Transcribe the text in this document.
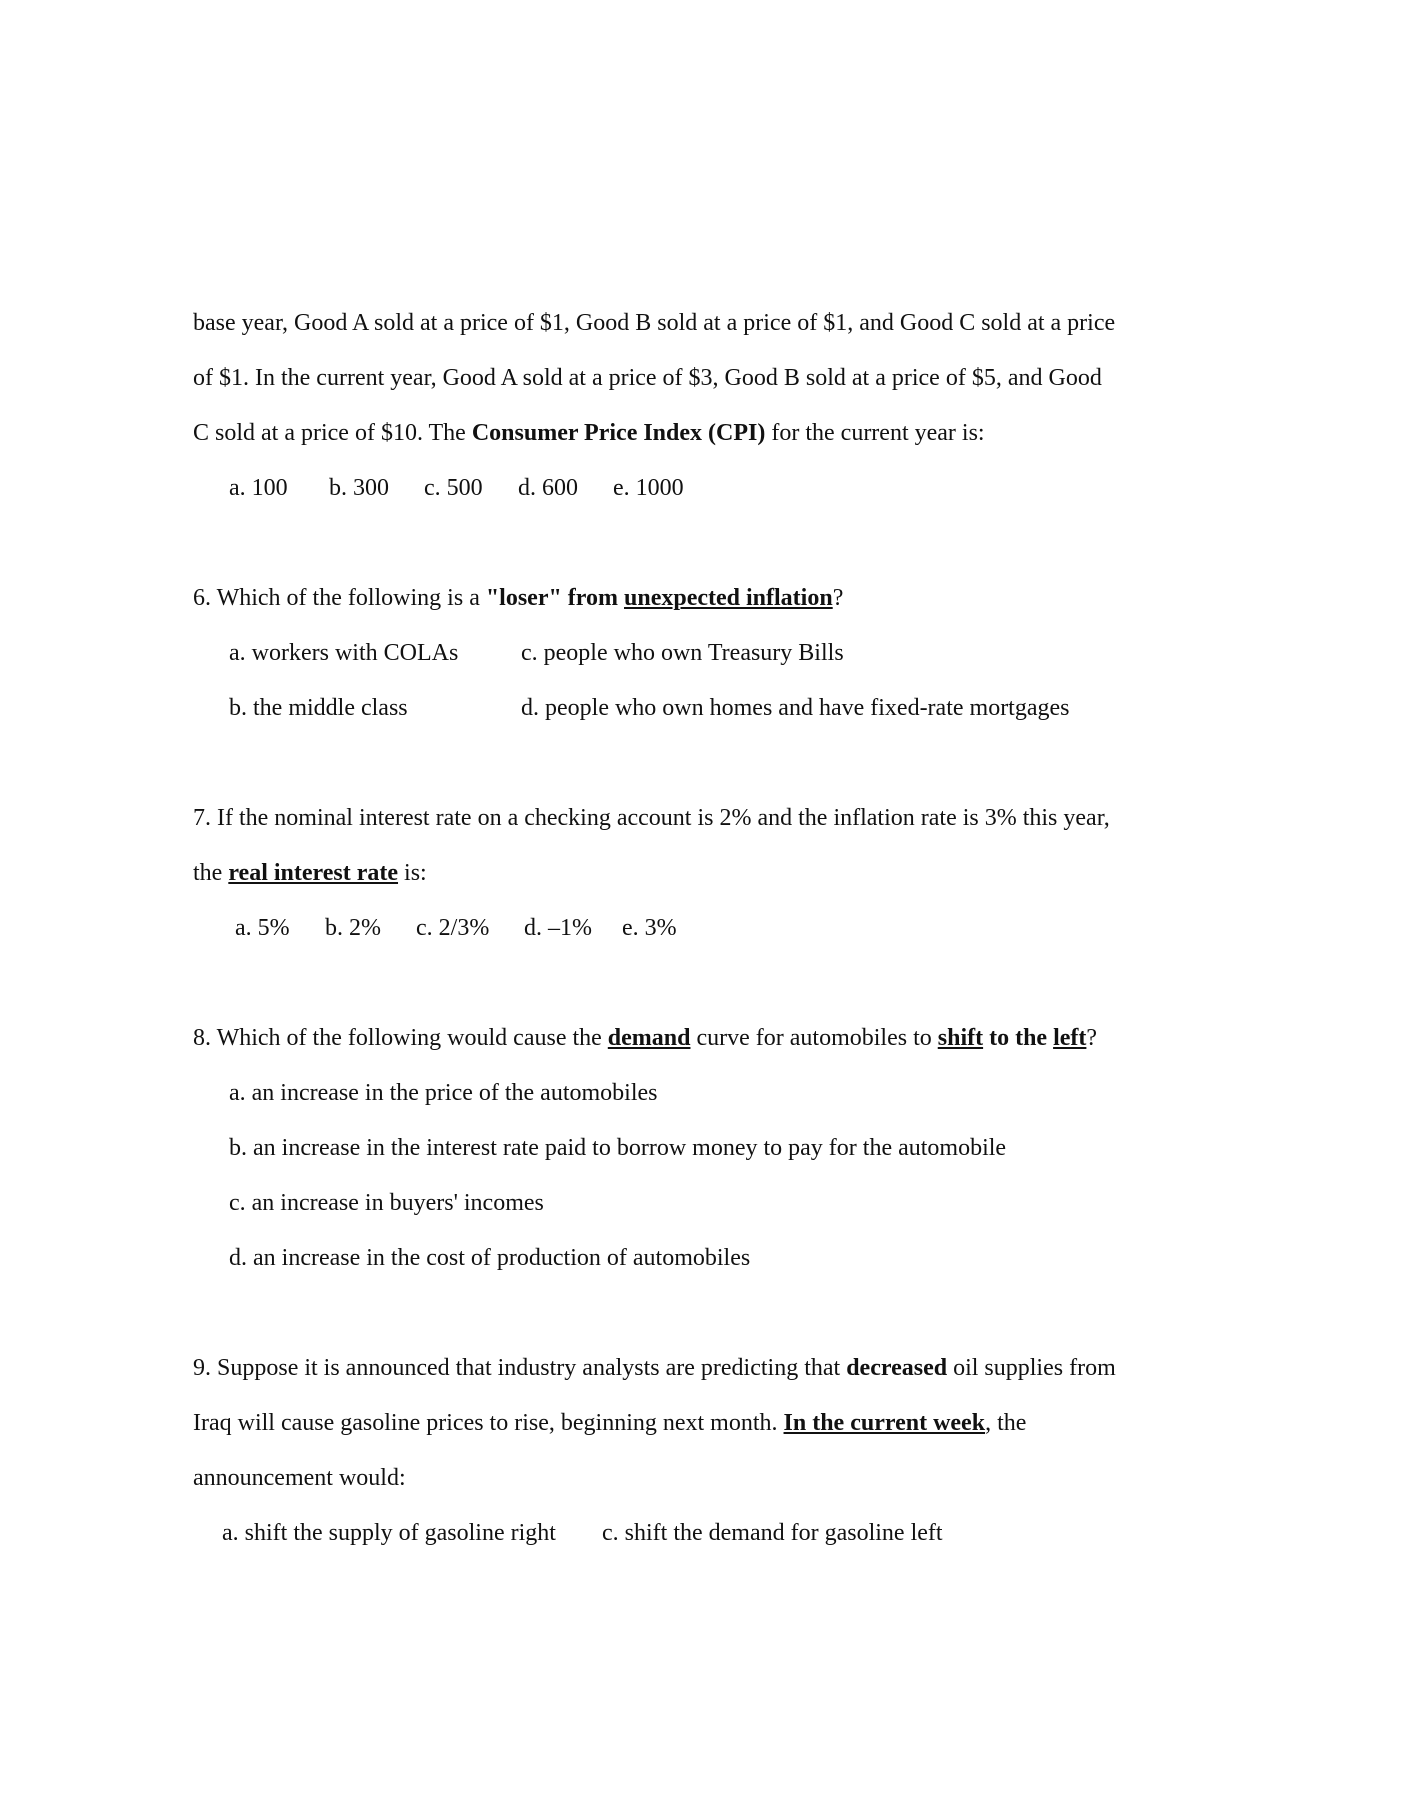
base year, Good A sold at a price of $1, Good B sold at a price of $1, and Good C sold at a price
of $1. In the current year, Good A sold at a price of $3, Good B sold at a price of $5, and Good
C sold at a price of $10. The Consumer Price Index (CPI) for the current year is:
a. 100 b. 300 c. 500 d. 600 e. 1000
6. Which of the following is a "loser" from unexpected inflation?
a. workers with COLAs	c. people who own Treasury Bills
b. the middle class	d. people who own homes and have fixed-rate mortgages
7. If the nominal interest rate on a checking account is 2% and the inflation rate is 3% this year,
the real interest rate is:
a. 5% b. 2% c. 2/3% d. –1% e. 3%
8. Which of the following would cause the demand curve for automobiles to shift to the left?
a. an increase in the price of the automobiles
b. an increase in the interest rate paid to borrow money to pay for the automobile
c. an increase in buyers' incomes
d. an increase in the cost of production of automobiles
9. Suppose it is announced that industry analysts are predicting that decreased oil supplies from
Iraq will cause gasoline prices to rise, beginning next month. In the current week, the
announcement would:
a. shift the supply of gasoline right c. shift the demand for gasoline left
